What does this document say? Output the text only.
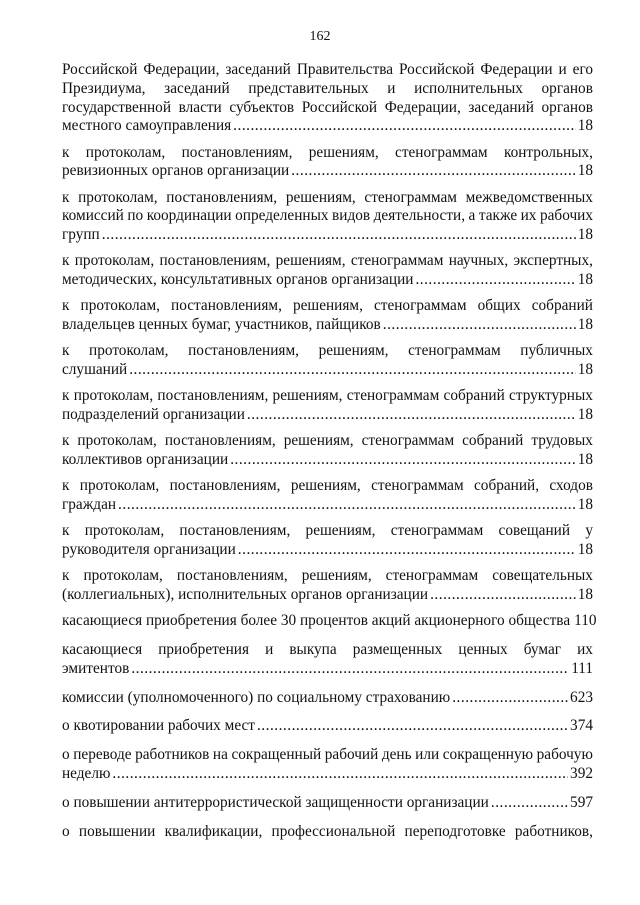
162
Российской Федерации, заседаний Правительства Российской Федерации и его
Президиума, заседаний представительных и исполнительных органов
государственной власти субъектов Российской Федерации, заседаний органов
местного самоуправления .....	18
к протоколам, постановлениям, решениям, стенограммам контрольных,
ревизионных органов организации .....	18
к протоколам, постановлениям, решениям, стенограммам межведомственных
комиссий по координации определенных видов деятельности, а также их рабочих
групп .....	18
к протоколам, постановлениям, решениям, стенограммам научных, экспертных,
методических, консультативных органов организации .....	18
к протоколам, постановлениям, решениям, стенограммам общих собраний
владельцев ценных бумаг, участников, пайщиков .....	18
к протоколам, постановлениям, решениям, стенограммам публичных
слушаний .....	18
к протоколам, постановлениям, решениям, стенограммам собраний структурных
подразделений организации .....	18
к протоколам, постановлениям, решениям, стенограммам собраний трудовых
коллективов организации .....	18
к протоколам, постановлениям, решениям, стенограммам собраний, сходов
граждан .....	18
к протоколам, постановлениям, решениям, стенограммам совещаний у
руководителя организации .....	18
к протоколам, постановлениям, решениям, стенограммам совещательных
(коллегиальных), исполнительных органов организации .....	18
касающиеся приобретения более 30 процентов акций акционерного общества 110
касающиеся приобретения и выкупа размещенных ценных бумаг их
эмитентов .....	111
комиссии (уполномоченного) по социальному страхованию .....	623
о квотировании рабочих мест .....	374
о переводе работников на сокращенный рабочий день или сокращенную рабочую
неделю .....	392
о повышении антитеррористической защищенности организации .....	597
о повышении квалификации, профессиональной переподготовке работников,
